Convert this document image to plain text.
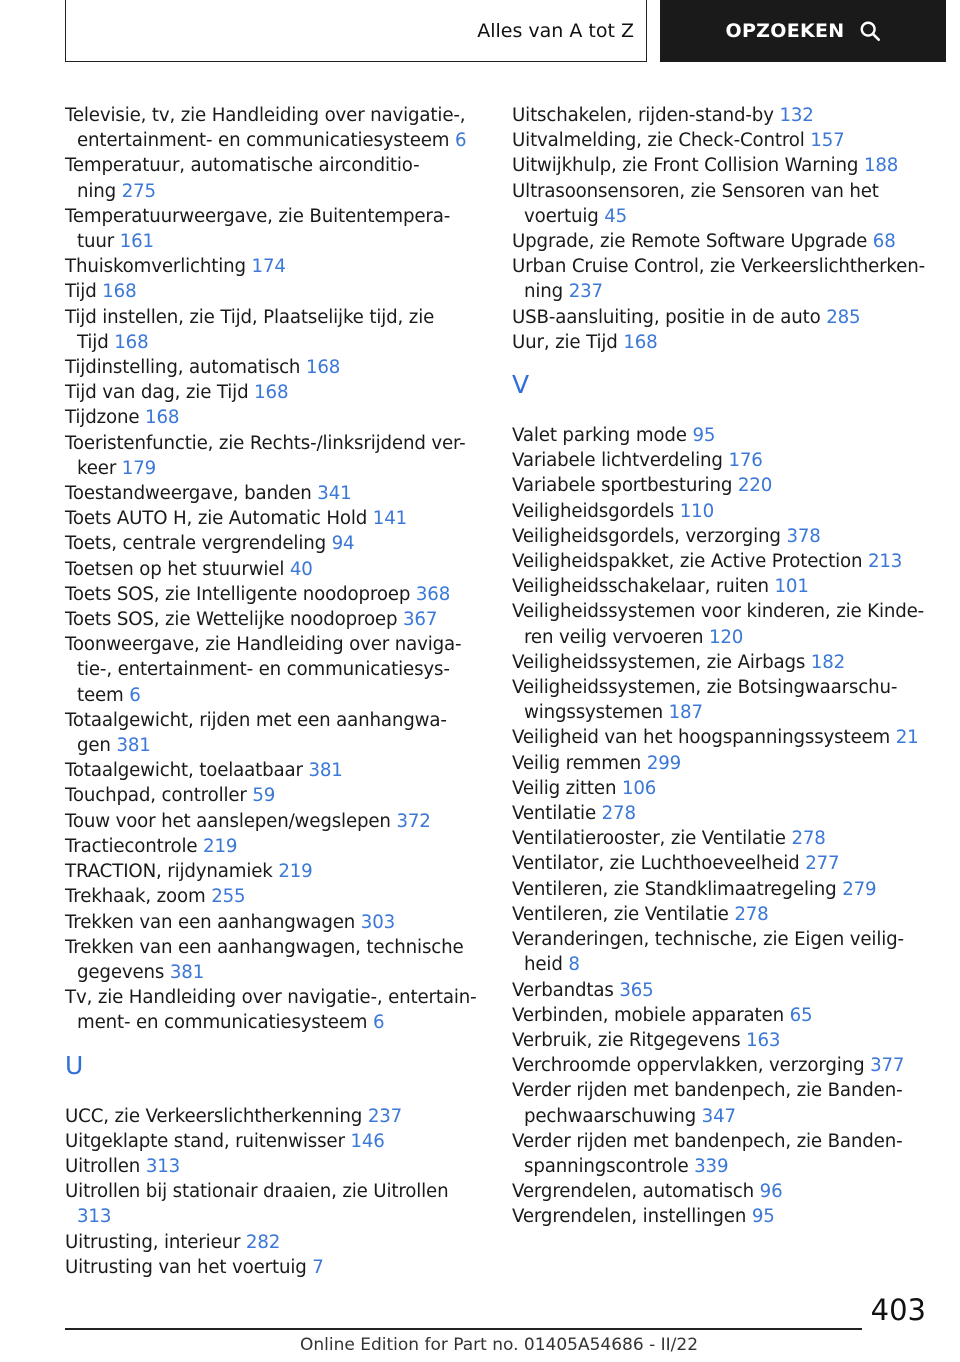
Alles van A tot Z	OPZOEKEN

Televisie, tv, zie Handleiding over navigatie-,
entertainment- en communicatiesysteem 6

Temperatuur, automatische airconditio-
ning 275

Temperatuurweergave, zie Buitentempera-
tuur 161

Thuiskomverlichting 174

Tijd 168

Tijd instellen, zie Tijd, Plaatselijke tijd, zie
Tijd 168

Tijdinstelling, automatisch 168

Tijd van dag, zie Tijd 168

Tijdzone 168

Toeristenfunctie, zie Rechts-/linksrijdend ver-
keer 179

Toestandweergave, banden 341

Toets AUTO H, zie Automatic Hold 141

Toets, centrale vergrendeling 94

Toetsen op het stuurwiel 40

Toets SOS, zie Intelligente noodoproep 368

Toets SOS, zie Wettelijke noodoproep 367

Toonweergave, zie Handleiding over naviga-
tie-, entertainment- en communicatiesys-
teem 6

Totaalgewicht, rijden met een aanhangwa-
gen 381

Totaalgewicht, toelaatbaar 381

Touchpad, controller 59

Touw voor het aanslepen/wegslepen 372

Tractiecontrole 219

TRACTION, rijdynamiek 219

Trekhaak, zoom 255

Trekken van een aanhangwagen 303

Trekken van een aanhangwagen, technische
gegevens 381

Tv, zie Handleiding over navigatie-, entertain-
ment- en communicatiesysteem 6

U

UCC, zie Verkeerslichtherkenning 237

Uitgeklapte stand, ruitenwisser 146

Uitrollen 313

Uitrollen bij stationair draaien, zie Uitrollen 313

Uitrusting, interieur 282

Uitrusting van het voertuig 7

Uitschakelen, rijden-stand-by 132

Uitvalmelding, zie Check-Control 157

Uitwijkhulp, zie Front Collision Warning 188

Ultrasoonsensoren, zie Sensoren van het
voertuig 45

Upgrade, zie Remote Software Upgrade 68

Urban Cruise Control, zie Verkeerslichtherken-
ning 237

USB-aansluiting, positie in de auto 285

Uur, zie Tijd 168

V

Valet parking mode 95

Variabele lichtverdeling 176

Variabele sportbesturing 220

Veiligheidsgordels 110

Veiligheidsgordels, verzorging 378

Veiligheidspakket, zie Active Protection 213

Veiligheidsschakelaar, ruiten 101

Veiligheidssystemen voor kinderen, zie Kinde-
ren veilig vervoeren 120

Veiligheidssystemen, zie Airbags 182

Veiligheidssystemen, zie Botsingwaarschu-
wingssystemen 187

Veiligheid van het hoogspanningssysteem 21

Veilig remmen 299

Veilig zitten 106

Ventilatie 278

Ventilatierooster, zie Ventilatie 278

Ventilator, zie Luchthoeveelheid 277

Ventileren, zie Standklimaatregeling 279

Ventileren, zie Ventilatie 278

Veranderingen, technische, zie Eigen veilig-
heid 8

Verbandtas 365

Verbinden, mobiele apparaten 65

Verbruik, zie Ritgegevens 163

Verchroomde oppervlakken, verzorging 377

Verder rijden met bandenpech, zie Banden-
pechwaarschuwing 347

Verder rijden met bandenpech, zie Banden-
spanningscontrole 339

Vergrendelen, automatisch 96

Vergrendelen, instellingen 95

403
Online Edition for Part no. 01405A54686 - II/22
